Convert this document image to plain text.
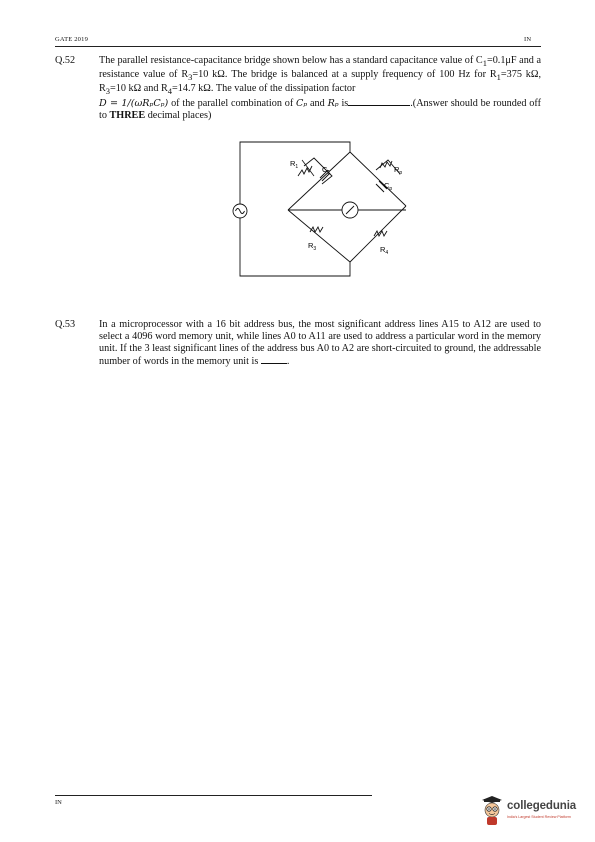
GATE 2019	IN
Q.52 The parallel resistance-capacitance bridge shown below has a standard capacitance value of $C_1=0.1\mu F$ and a resistance value of $R_3=10$ kΩ. The bridge is balanced at a supply frequency of 100 Hz for $R_1=375$ kΩ, $R_3=10$ kΩ and $R_4=14.7$ kΩ. The value of the dissipation factor
D = 1/(ωRₚCₚ) of the parallel combination of Cₚ and Rₚ is	.(Answer should be rounded off to THREE decimal places)
$R_1$	$C_1$	$R_p$
$C_p$
$R_3$	$R_4$
Q.53 In a microprocessor with a 16 bit address bus, the most significant address lines A15 to A12 are used to select a 4096 word memory unit, while lines A0 to A11 are used to address a particular word in the memory unit. If the 3 least significant lines of the address bus A0 to A2 are short-circuited to ground, the addressable number of words in the memory unit is	.
IN	collegedunia
India's Largest Student Review Platform
